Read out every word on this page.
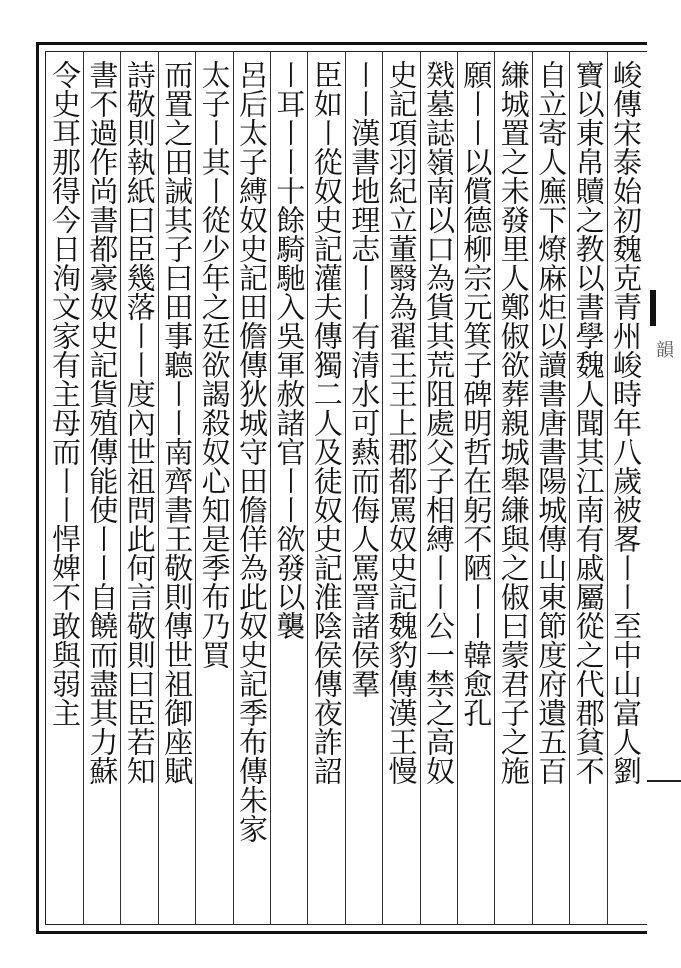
峻傳宋泰始初魏克青州峻時年八歲被畧〡〡至中山富人劉
寶以東帛贖之教以書學魏人聞其江南有戚屬從之代郡貧不
自立寄人廡下燎麻炬以讀書唐書陽城傳山東節度府遺五百
縑城置之未發里人鄭俶欲葬親城舉縑與之俶曰蒙君子之施
願〡〡以償德柳宗元箕子碑明哲在躬不陋〡〡韓愈孔
戣墓誌嶺南以口為貨其荒阻處父子相縛〡〡公一禁之高奴
史記項羽紀立董翳為翟王王上郡都罵奴史記魏豹傳漢王慢
〡〡漢書地理志〡〡有清水可爇而侮人罵詈諸侯羣
臣如〡從奴史記灌夫傳獨二人及徒奴史記淮陰侯傳夜詐詔
〡耳〡〡十餘騎馳入吳軍赦諸官〡〡欲發以襲
呂后太子縛奴史記田儋傳狄城守田儋佯為此奴史記季布傳朱家
太子〡其〡從少年之廷欲謁殺奴心知是季布乃買
而置之田誡其子曰田事聽〡〡南齊書王敬則傳世祖御座賦
詩敬則執紙曰臣幾落〡〡度內世祖問此何言敬則曰臣若知
書不過作尚書都豪奴史記貨殖傳能使〡〡自饒而盡其力蘇
令史耳那得今日洵文家有主母而〡〡悍婢不敢與弱主	韻
